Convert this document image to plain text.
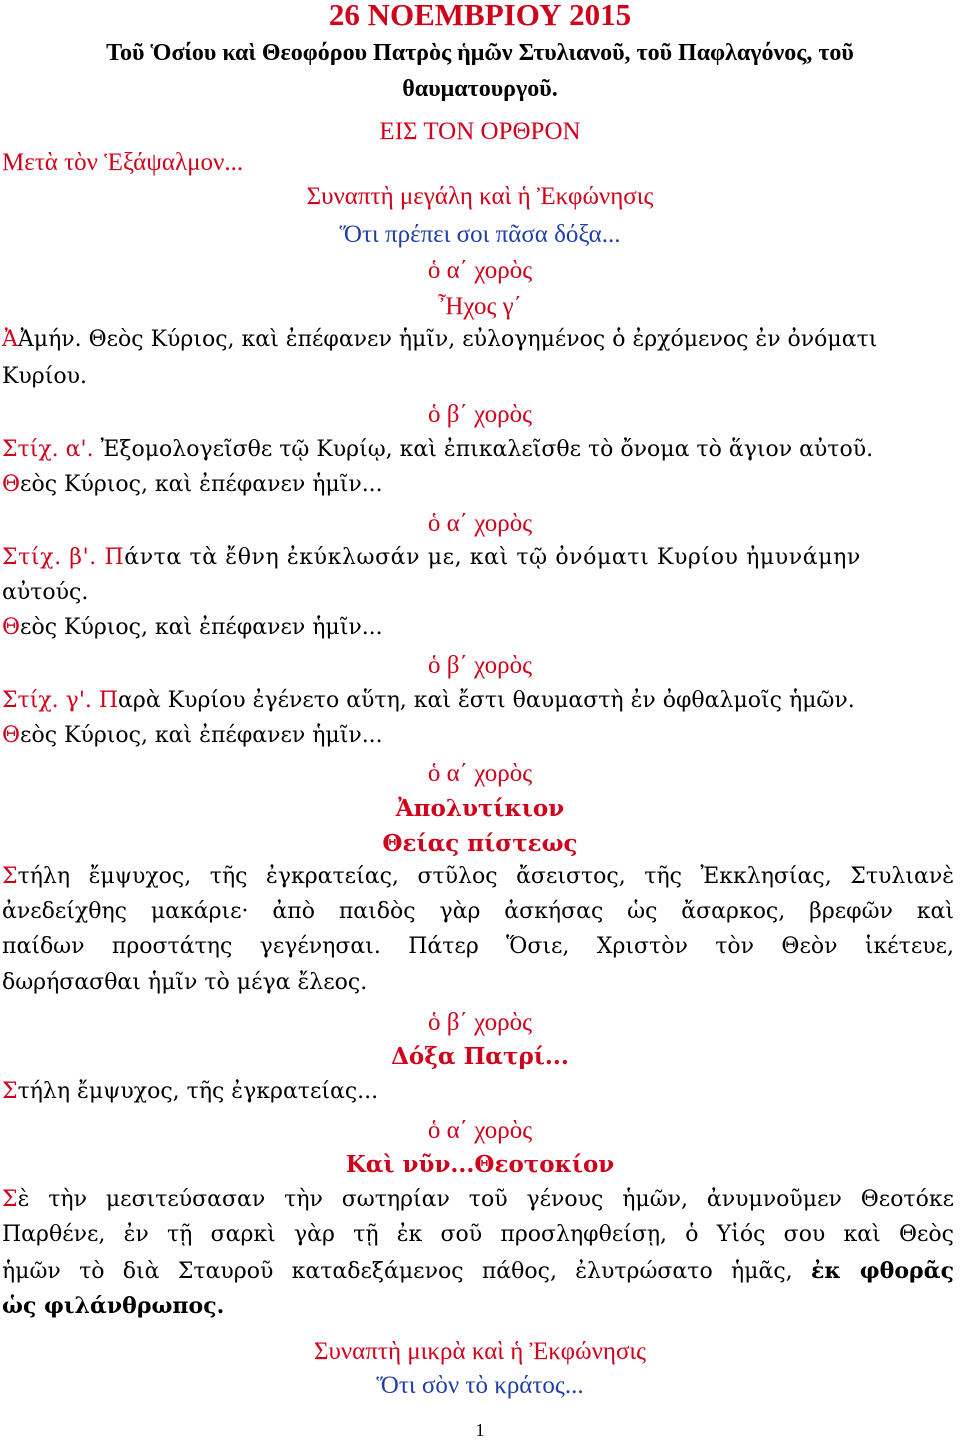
26 ΝΟΕΜΒΡΙΟΥ 2015
Τοῦ Ὁσίου καὶ Θεοφόρου Πατρὸς ἡμῶν Στυλιανοῦ, τοῦ Παφλαγόνος, τοῦ
θαυματουργοῦ.
ΕΙΣ ΤΟΝ ΟΡΘΡΟΝ
Μετὰ τὸν Ἑξάψαλμον...
Συναπτὴ μεγάλη καὶ ἡ Ἐκφώνησις
Ὅτι πρέπει σοι πᾶσα δόξα...
ὁ α΄ χορὸς
Ἦχος γ΄
ἈἈμήν. Θεὸς Κύριος, καὶ ἐπέφανεν ἡμῖν, εὐλογημένος ὁ ἐρχόμενος ἐν ὀνόματι
Κυρίου.
ὁ β΄ χορὸς
Στίχ. α'. Ἐξομολογεῖσθε τῷ Κυρίῳ, καὶ ἐπικαλεῖσθε τὸ ὄνομα τὸ ἅγιον αὐτοῦ.
Θεὸς Κύριος, καὶ ἐπέφανεν ἡμῖν...
ὁ α΄ χορὸς
Στίχ. β'. Πάντα τὰ ἔθνη ἐκύκλωσάν με, καὶ τῷ ὀνόματι Κυρίου ἠμυνάμην
αὐτούς.
Θεὸς Κύριος, καὶ ἐπέφανεν ἡμῖν...
ὁ β΄ χορὸς
Στίχ. γ'. Παρὰ Κυρίου ἐγένετο αὕτη, καὶ ἔστι θαυμαστὴ ἐν ὀφθαλμοῖς ἡμῶν.
Θεὸς Κύριος, καὶ ἐπέφανεν ἡμῖν...
ὁ α΄ χορὸς
Ἀπολυτίκιον
Θείας πίστεως
Στήλη ἔμψυχος, τῆς ἐγκρατείας, στῦλος ἄσειστος, τῆς Ἐκκλησίας, Στυλιανὲ
ἀνεδείχθης μακάριε· ἀπὸ παιδὸς γὰρ ἀσκήσας ὡς ἄσαρκος, βρεφῶν καὶ
παίδων προστάτης γεγένησαι. Πάτερ Ὅσιε, Χριστὸν τὸν Θεὸν ἱκέτευε,
δωρήσασθαι ἡμῖν τὸ μέγα ἔλεος.
ὁ β΄ χορὸς
Δόξα Πατρί...
Στήλη ἔμψυχος, τῆς ἐγκρατείας...
ὁ α΄ χορὸς
Καὶ νῦν...Θεοτοκίον
Σὲ τὴν μεσιτεύσασαν τὴν σωτηρίαν τοῦ γένους ἡμῶν, ἀνυμνοῦμεν Θεοτόκε
Παρθένε, ἐν τῇ σαρκὶ γὰρ τῇ ἐκ σοῦ προσληφθείσῃ, ὁ Υἱός σου καὶ Θεὸς
ἡμῶν τὸ διὰ Σταυροῦ καταδεξάμενος πάθος, ἐλυτρώσατο ἡμᾶς, ἐκ φθορᾶς
ὡς φιλάνθρωπος.
Συναπτὴ μικρὰ καὶ ἡ Ἐκφώνησις
Ὅτι σὸν τὸ κράτος...
1
